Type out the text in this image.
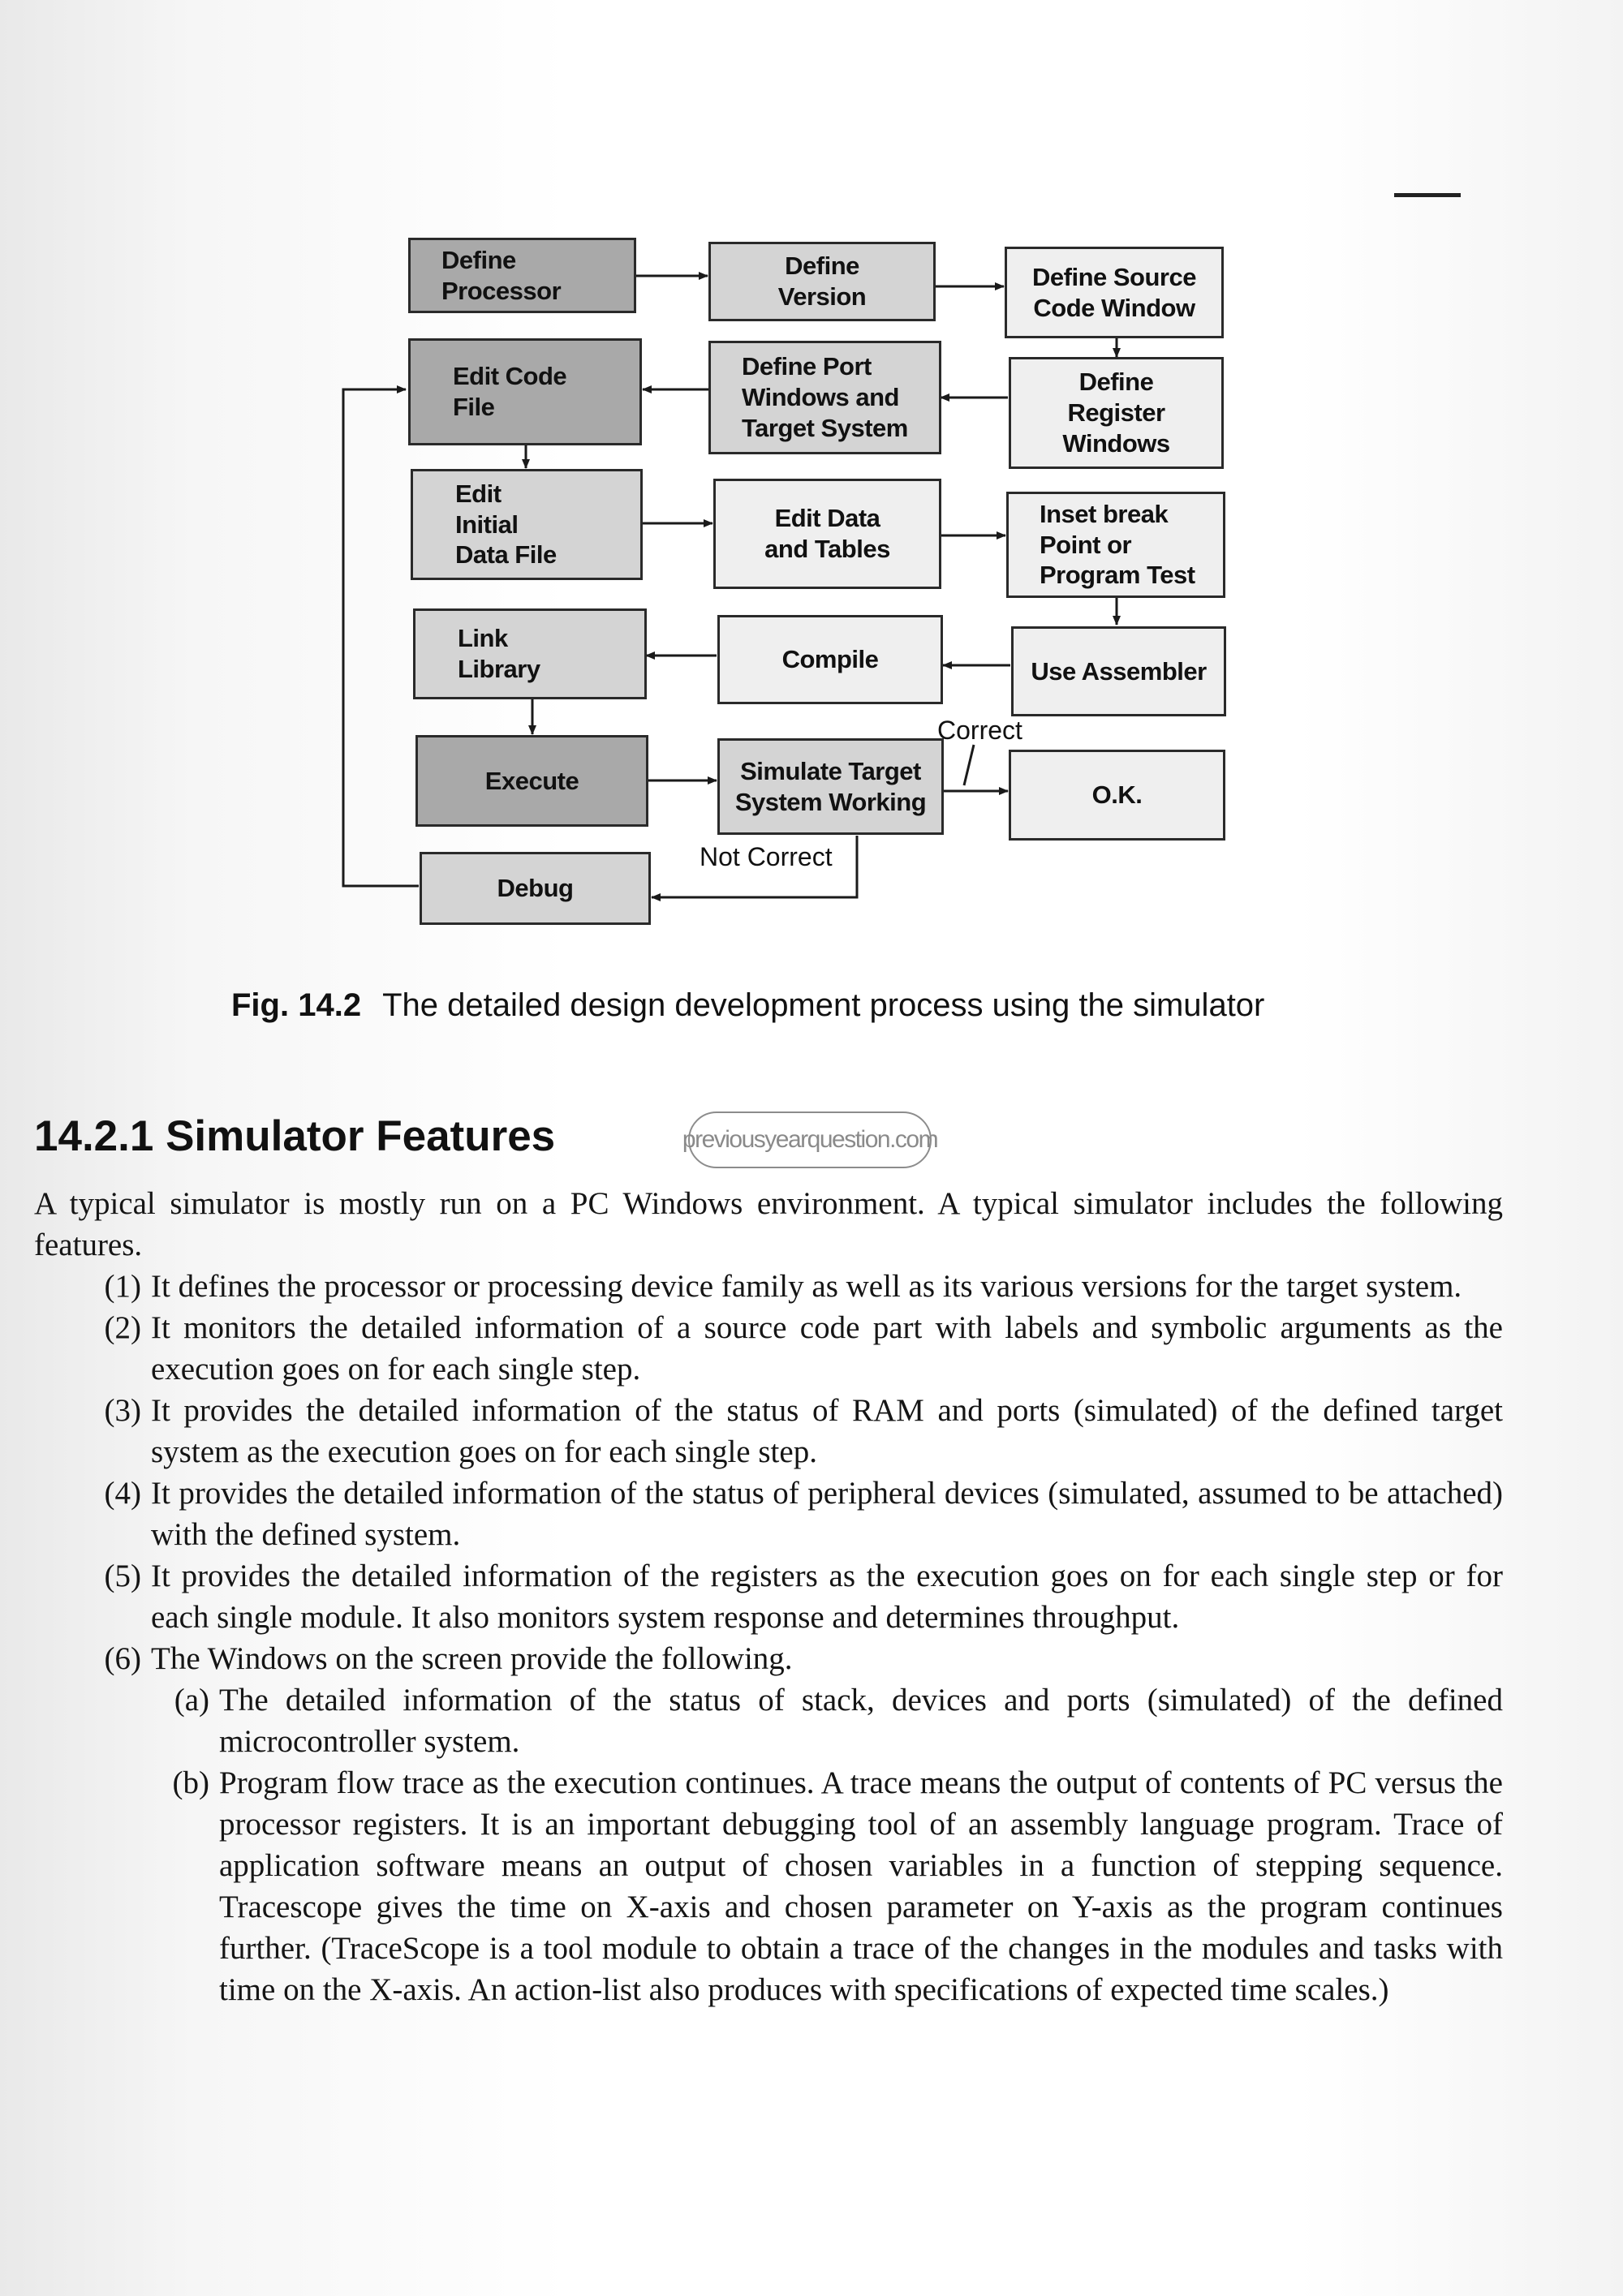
Define
Processor
Define
Version
Define Source
Code Window
Edit Code
File
Define Port
Windows and
Target System
Define
Register
Windows
Edit
Initial
Data File
Edit Data
and Tables
Inset break
Point or
Program Test
Link
Library	Compile	Use Assembler
Execute	Simulate Target
System Working	O.K.
Debug
Correct
Not Correct
Fig. 14.2 The detailed design development process using the simulator
14.2.1 Simulator Features	previousyearquestion.com

A typical simulator is mostly run on a PC Windows environment. A typical simulator includes the following features.

(1) It defines the processor or processing device family as well as its various versions for the target system.
(2) It monitors the detailed information of a source code part with labels and symbolic arguments as the execution goes on for each single step.
(3) It provides the detailed information of the status of RAM and ports (simulated) of the defined target system as the execution goes on for each single step.
(4) It provides the detailed information of the status of peripheral devices (simulated, assumed to be attached) with the defined system.
(5) It provides the detailed information of the registers as the execution goes on for each single step or for each single module. It also monitors system response and determines throughput.
(6) The Windows on the screen provide the following.
(a) The detailed information of the status of stack, devices and ports (simulated) of the defined microcontroller system.
(b) Program flow trace as the execution continues. A trace means the output of contents of PC versus the processor registers. It is an important debugging tool of an assembly language program. Trace of application software means an output of chosen variables in a function of stepping sequence. Tracescope gives the time on X-axis and chosen parameter on Y-axis as the program continues further. (TraceScope is a tool module to obtain a trace of the changes in the modules and tasks with time on the X-axis. An action-list also produces with specifications of expected time scales.)
